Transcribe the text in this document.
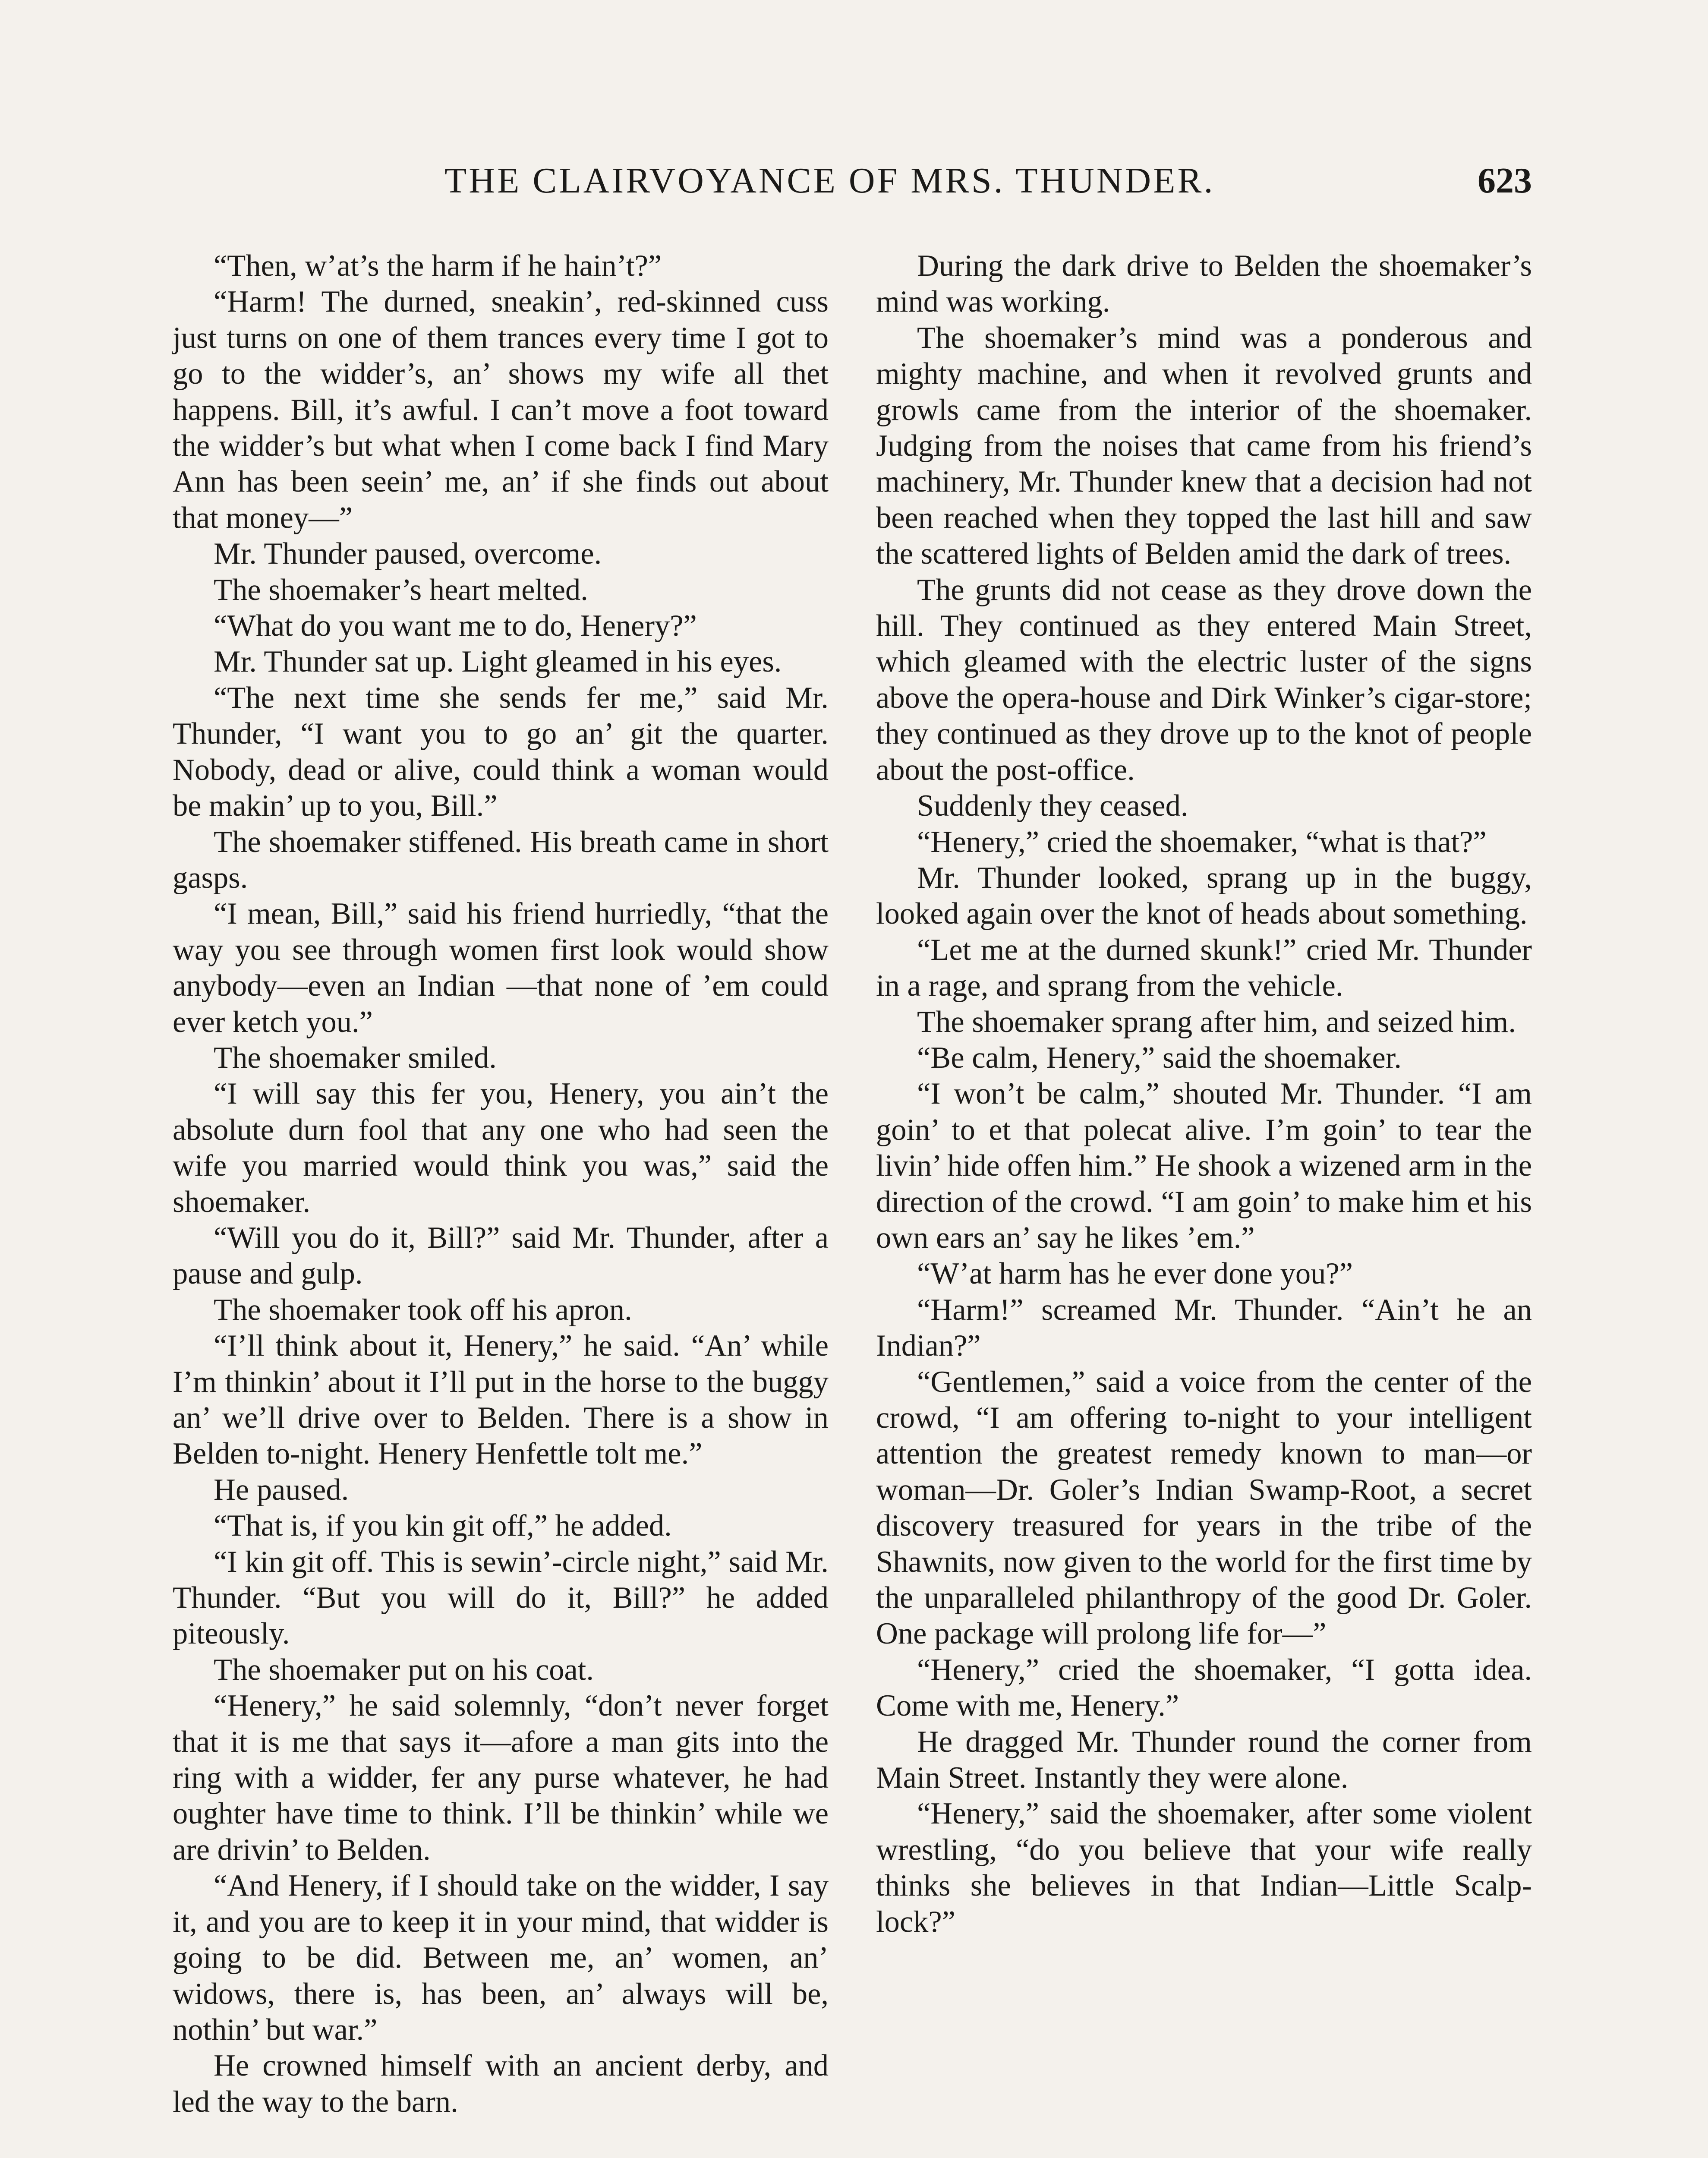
THE CLAIRVOYANCE OF MRS. THUNDER.	623

“Then, w’at’s the harm if he hain’t?”

“Harm! The durned, sneakin’, red-skinned cuss just turns on one of them trances every time I got to go to the widder’s, an’ shows my wife all thet happens. Bill, it’s awful. I can’t move a foot toward the widder’s but what when I come back I find Mary Ann has been seein’ me, an’ if she finds out about that money—”

Mr. Thunder paused, overcome.

The shoemaker’s heart melted.

“What do you want me to do, Henery?”

Mr. Thunder sat up. Light gleamed in his eyes.

“The next time she sends fer me,” said Mr. Thunder, “I want you to go an’ git the quarter. Nobody, dead or alive, could think a woman would be makin’ up to you, Bill.”

The shoemaker stiffened. His breath came in short gasps.

“I mean, Bill,” said his friend hurriedly, “that the way you see through women first look would show anybody—even an Indian —that none of ’em could ever ketch you.”

The shoemaker smiled.

“I will say this fer you, Henery, you ain’t the absolute durn fool that any one who had seen the wife you married would think you was,” said the shoemaker.

“Will you do it, Bill?” said Mr. Thunder, after a pause and gulp.

The shoemaker took off his apron.

“I’ll think about it, Henery,” he said. “An’ while I’m thinkin’ about it I’ll put in the horse to the buggy an’ we’ll drive over to Belden. There is a show in Belden to-night. Henery Henfettle tolt me.”

He paused.

“That is, if you kin git off,” he added.

“I kin git off. This is sewin’-circle night,” said Mr. Thunder. “But you will do it, Bill?” he added piteously.

The shoemaker put on his coat.

“Henery,” he said solemnly, “don’t never forget that it is me that says it—afore a man gits into the ring with a widder, fer any purse whatever, he had oughter have time to think. I’ll be thinkin’ while we are drivin’ to Belden.

“And Henery, if I should take on the widder, I say it, and you are to keep it in your mind, that widder is going to be did. Between me, an’ women, an’ widows, there is, has been, an’ always will be, nothin’ but war.”

He crowned himself with an ancient derby, and led the way to the barn.

During the dark drive to Belden the shoemaker’s mind was working.

The shoemaker’s mind was a ponderous and mighty machine, and when it revolved grunts and growls came from the interior of the shoemaker. Judging from the noises that came from his friend’s machinery, Mr. Thunder knew that a decision had not been reached when they topped the last hill and saw the scattered lights of Belden amid the dark of trees.

The grunts did not cease as they drove down the hill. They continued as they entered Main Street, which gleamed with the electric luster of the signs above the opera-house and Dirk Winker’s cigar-store; they continued as they drove up to the knot of people about the post-office.

Suddenly they ceased.

“Henery,” cried the shoemaker, “what is that?”

Mr. Thunder looked, sprang up in the buggy, looked again over the knot of heads about something.

“Let me at the durned skunk!” cried Mr. Thunder in a rage, and sprang from the vehicle.

The shoemaker sprang after him, and seized him.

“Be calm, Henery,” said the shoemaker.

“I won’t be calm,” shouted Mr. Thunder. “I am goin’ to et that polecat alive. I’m goin’ to tear the livin’ hide offen him.” He shook a wizened arm in the direction of the crowd. “I am goin’ to make him et his own ears an’ say he likes ’em.”

“W’at harm has he ever done you?”

“Harm!” screamed Mr. Thunder. “Ain’t he an Indian?”

“Gentlemen,” said a voice from the center of the crowd, “I am offering to-night to your intelligent attention the greatest remedy known to man—or woman—Dr. Goler’s Indian Swamp-Root, a secret discovery treasured for years in the tribe of the Shawnits, now given to the world for the first time by the unparalleled philanthropy of the good Dr. Goler. One package will prolong life for—”

“Henery,” cried the shoemaker, “I gotta idea. Come with me, Henery.”

He dragged Mr. Thunder round the corner from Main Street. Instantly they were alone.

“Henery,” said the shoemaker, after some violent wrestling, “do you believe that your wife really thinks she believes in that Indian—Little Scalp-lock?”
